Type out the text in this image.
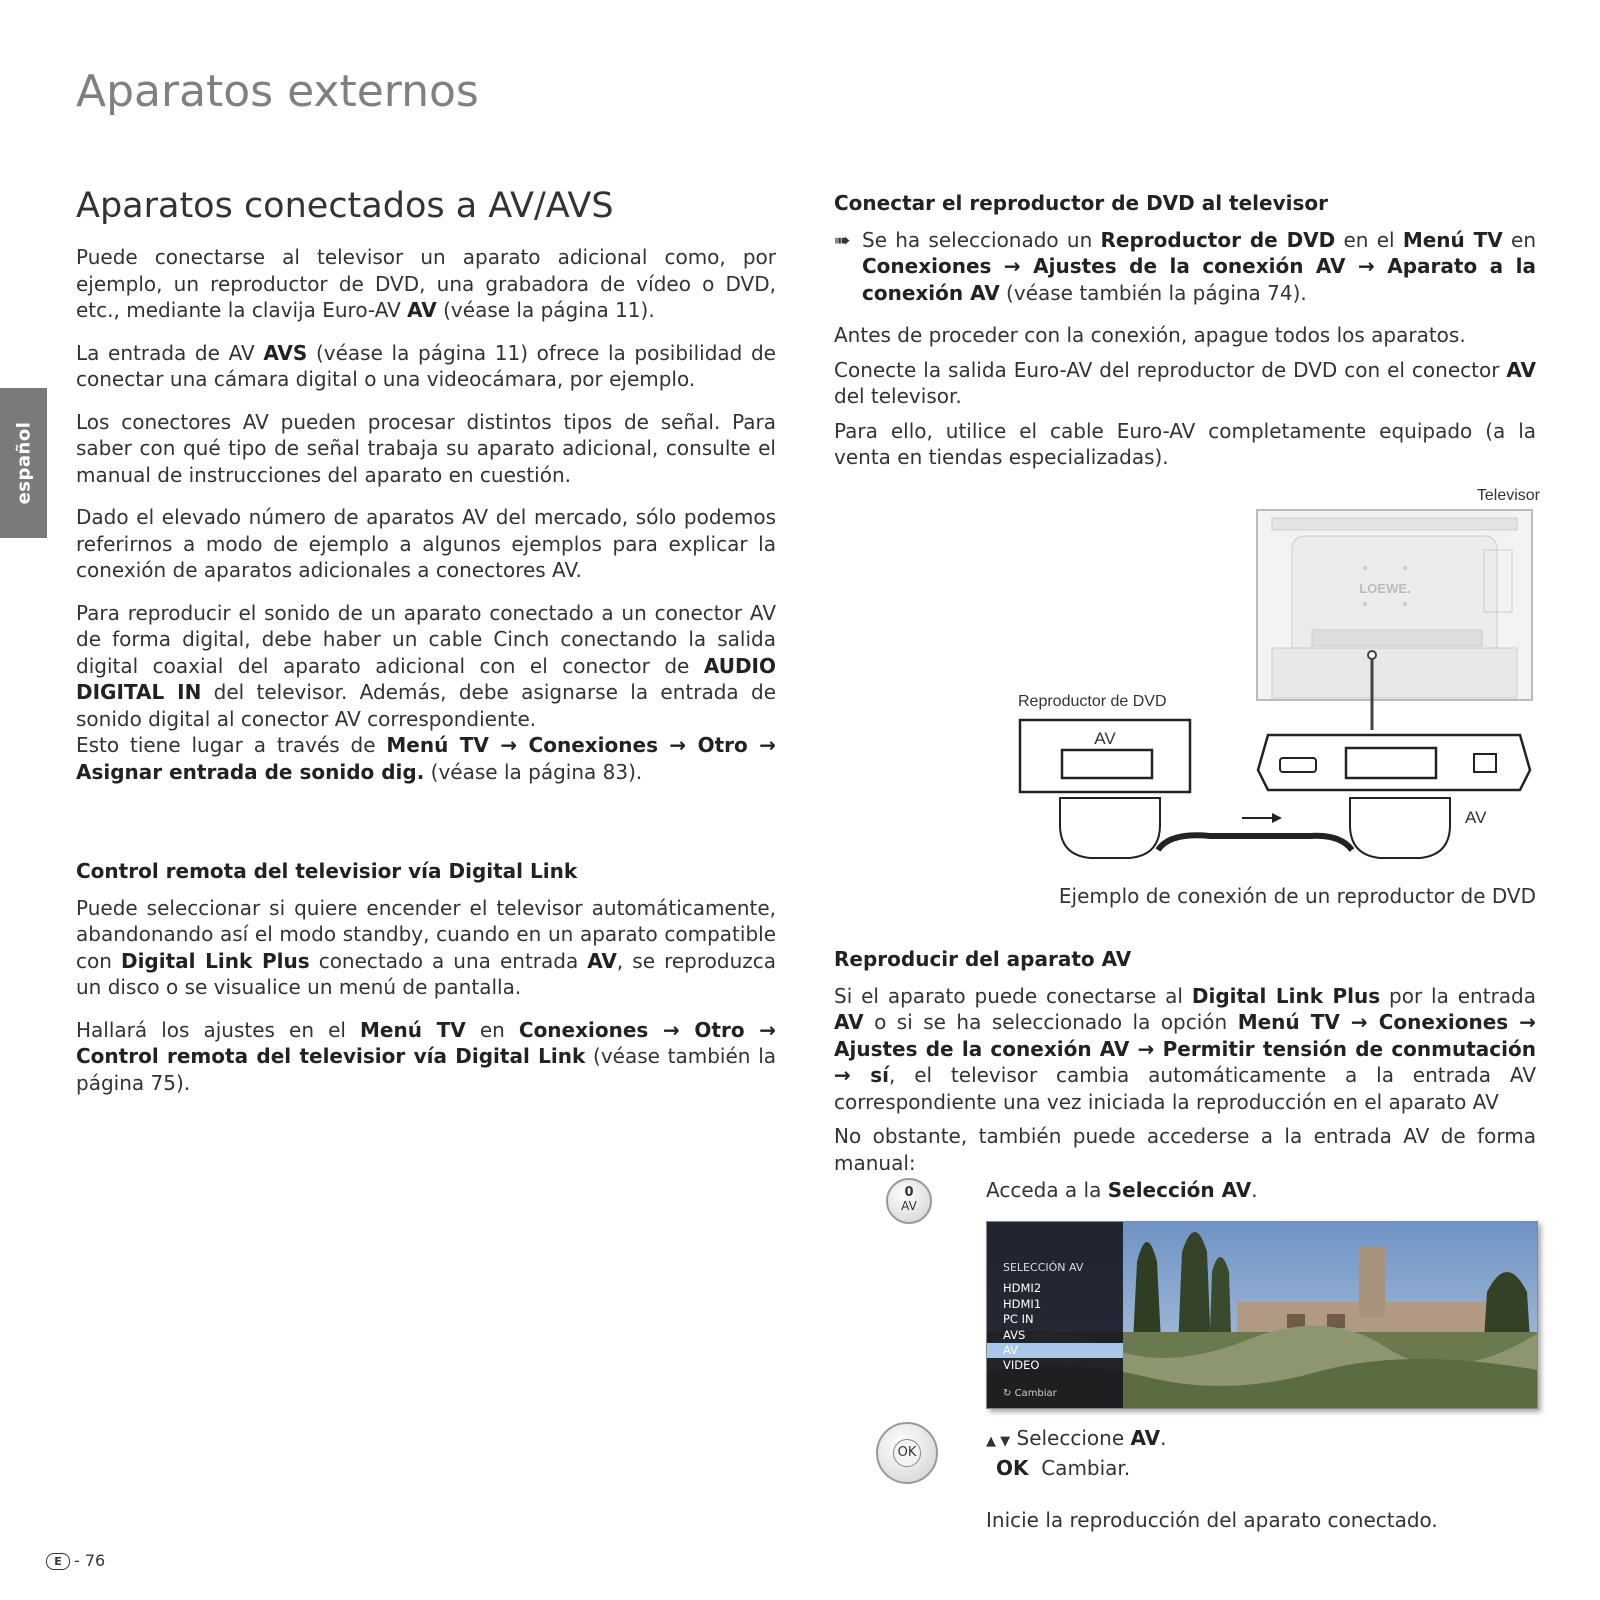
Aparatos externos
español
Aparatos conectados a AV/AVS

Puede conectarse al televisor un aparato adicional como, por ejemplo, un reproductor de DVD, una grabadora de vídeo o DVD, etc., mediante la clavija Euro-AV AV (véase la página 11).

La entrada de AV AVS (véase la página 11) ofrece la posibilidad de conectar una cámara digital o una videocámara, por ejemplo.

Los conectores AV pueden procesar distintos tipos de señal. Para saber con qué tipo de señal trabaja su aparato adicional, consulte el manual de instrucciones del aparato en cuestión.

Dado el elevado número de aparatos AV del mercado, sólo podemos referirnos a modo de ejemplo a algunos ejemplos para explicar la conexión de aparatos adicionales a conectores AV.

Para reproducir el sonido de un aparato conectado a un conector AV de forma digital, debe haber un cable Cinch conectando la salida digital coaxial del aparato adicional con el conector de AUDIO DIGITAL IN del televisor. Además, debe asignarse la entrada de sonido digital al conector AV correspondiente.

Esto tiene lugar a través de Menú TV → Conexiones → Otro → Asignar entrada de sonido dig. (véase la página 83).

Control remota del televisior vía Digital Link

Puede seleccionar si quiere encender el televisor automáticamente, abandonando así el modo standby, cuando en un aparato compatible con Digital Link Plus conectado a una entrada AV, se reproduzca un disco o se visualice un menú de pantalla.

Hallará los ajustes en el Menú TV en Conexiones → Otro → Control remota del televisior vía Digital Link (véase también la página 75).

Conectar el reproductor de DVD al televisor

➠ Se ha seleccionado un Reproductor de DVD en el Menú TV en Conexiones → Ajustes de la conexión AV → Aparato a la conexión AV (véase también la página 74).

Antes de proceder con la conexión, apague todos los aparatos.

Conecte la salida Euro-AV del reproductor de DVD con el conector AV del televisor.

Para ello, utilice el cable Euro-AV completamente equipado (a la venta en tiendas especializadas).

Televisor
LOEWE.
Reproductor de DVD
AV
AV
Ejemplo de conexión de un reproductor de DVD
Reproducir del aparato AV

Si el aparato puede conectarse al Digital Link Plus por la entrada AV o si se ha seleccionado la opción Menú TV → Conexiones → Ajustes de la conexión AV → Permitir tensión de conmutación → sí, el televisor cambia automáticamente a la entrada AV correspondiente una vez iniciada la reproducción en el aparato AV

No obstante, también puede accederse a la entrada AV de forma manual:

0
AV
Acceda a la Selección AV.
SELECCIÓN AV
HDMI2
HDMI1
PC IN
AVS
AV
VIDEO
↻ Cambiar
OK
▲ ▼ Seleccione AV.
OK Cambiar.
Inicie la reproducción del aparato conectado.
E - 76
